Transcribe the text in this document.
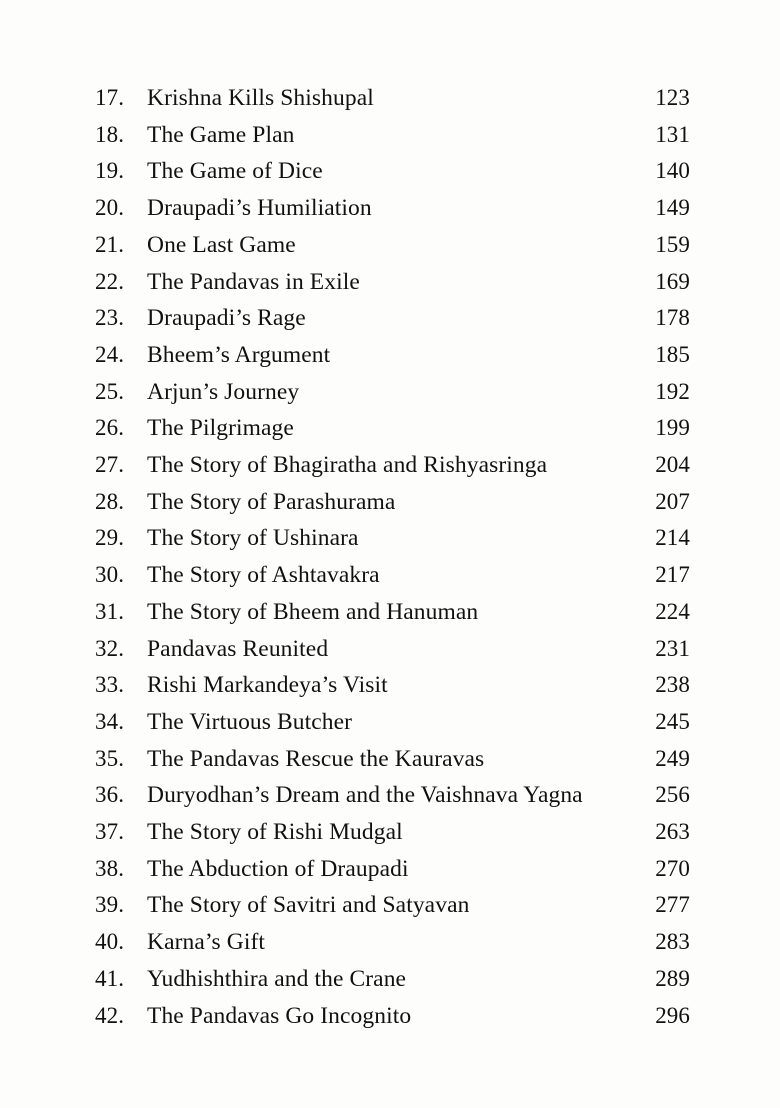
17. Krishna Kills Shishupal	123
18. The Game Plan	131
19. The Game of Dice	140
20. Draupadi’s Humiliation	149
21. One Last Game	159
22. The Pandavas in Exile	169
23. Draupadi’s Rage	178
24. Bheem’s Argument	185
25. Arjun’s Journey	192
26. The Pilgrimage	199
27. The Story of Bhagiratha and Rishyasringa	204
28. The Story of Parashurama	207
29. The Story of Ushinara	214
30. The Story of Ashtavakra	217
31. The Story of Bheem and Hanuman	224
32. Pandavas Reunited	231
33. Rishi Markandeya’s Visit	238
34. The Virtuous Butcher	245
35. The Pandavas Rescue the Kauravas	249
36. Duryodhan’s Dream and the Vaishnava Yagna	256
37. The Story of Rishi Mudgal	263
38. The Abduction of Draupadi	270
39. The Story of Savitri and Satyavan	277
40. Karna’s Gift	283
41. Yudhishthira and the Crane	289
42. The Pandavas Go Incognito	296
